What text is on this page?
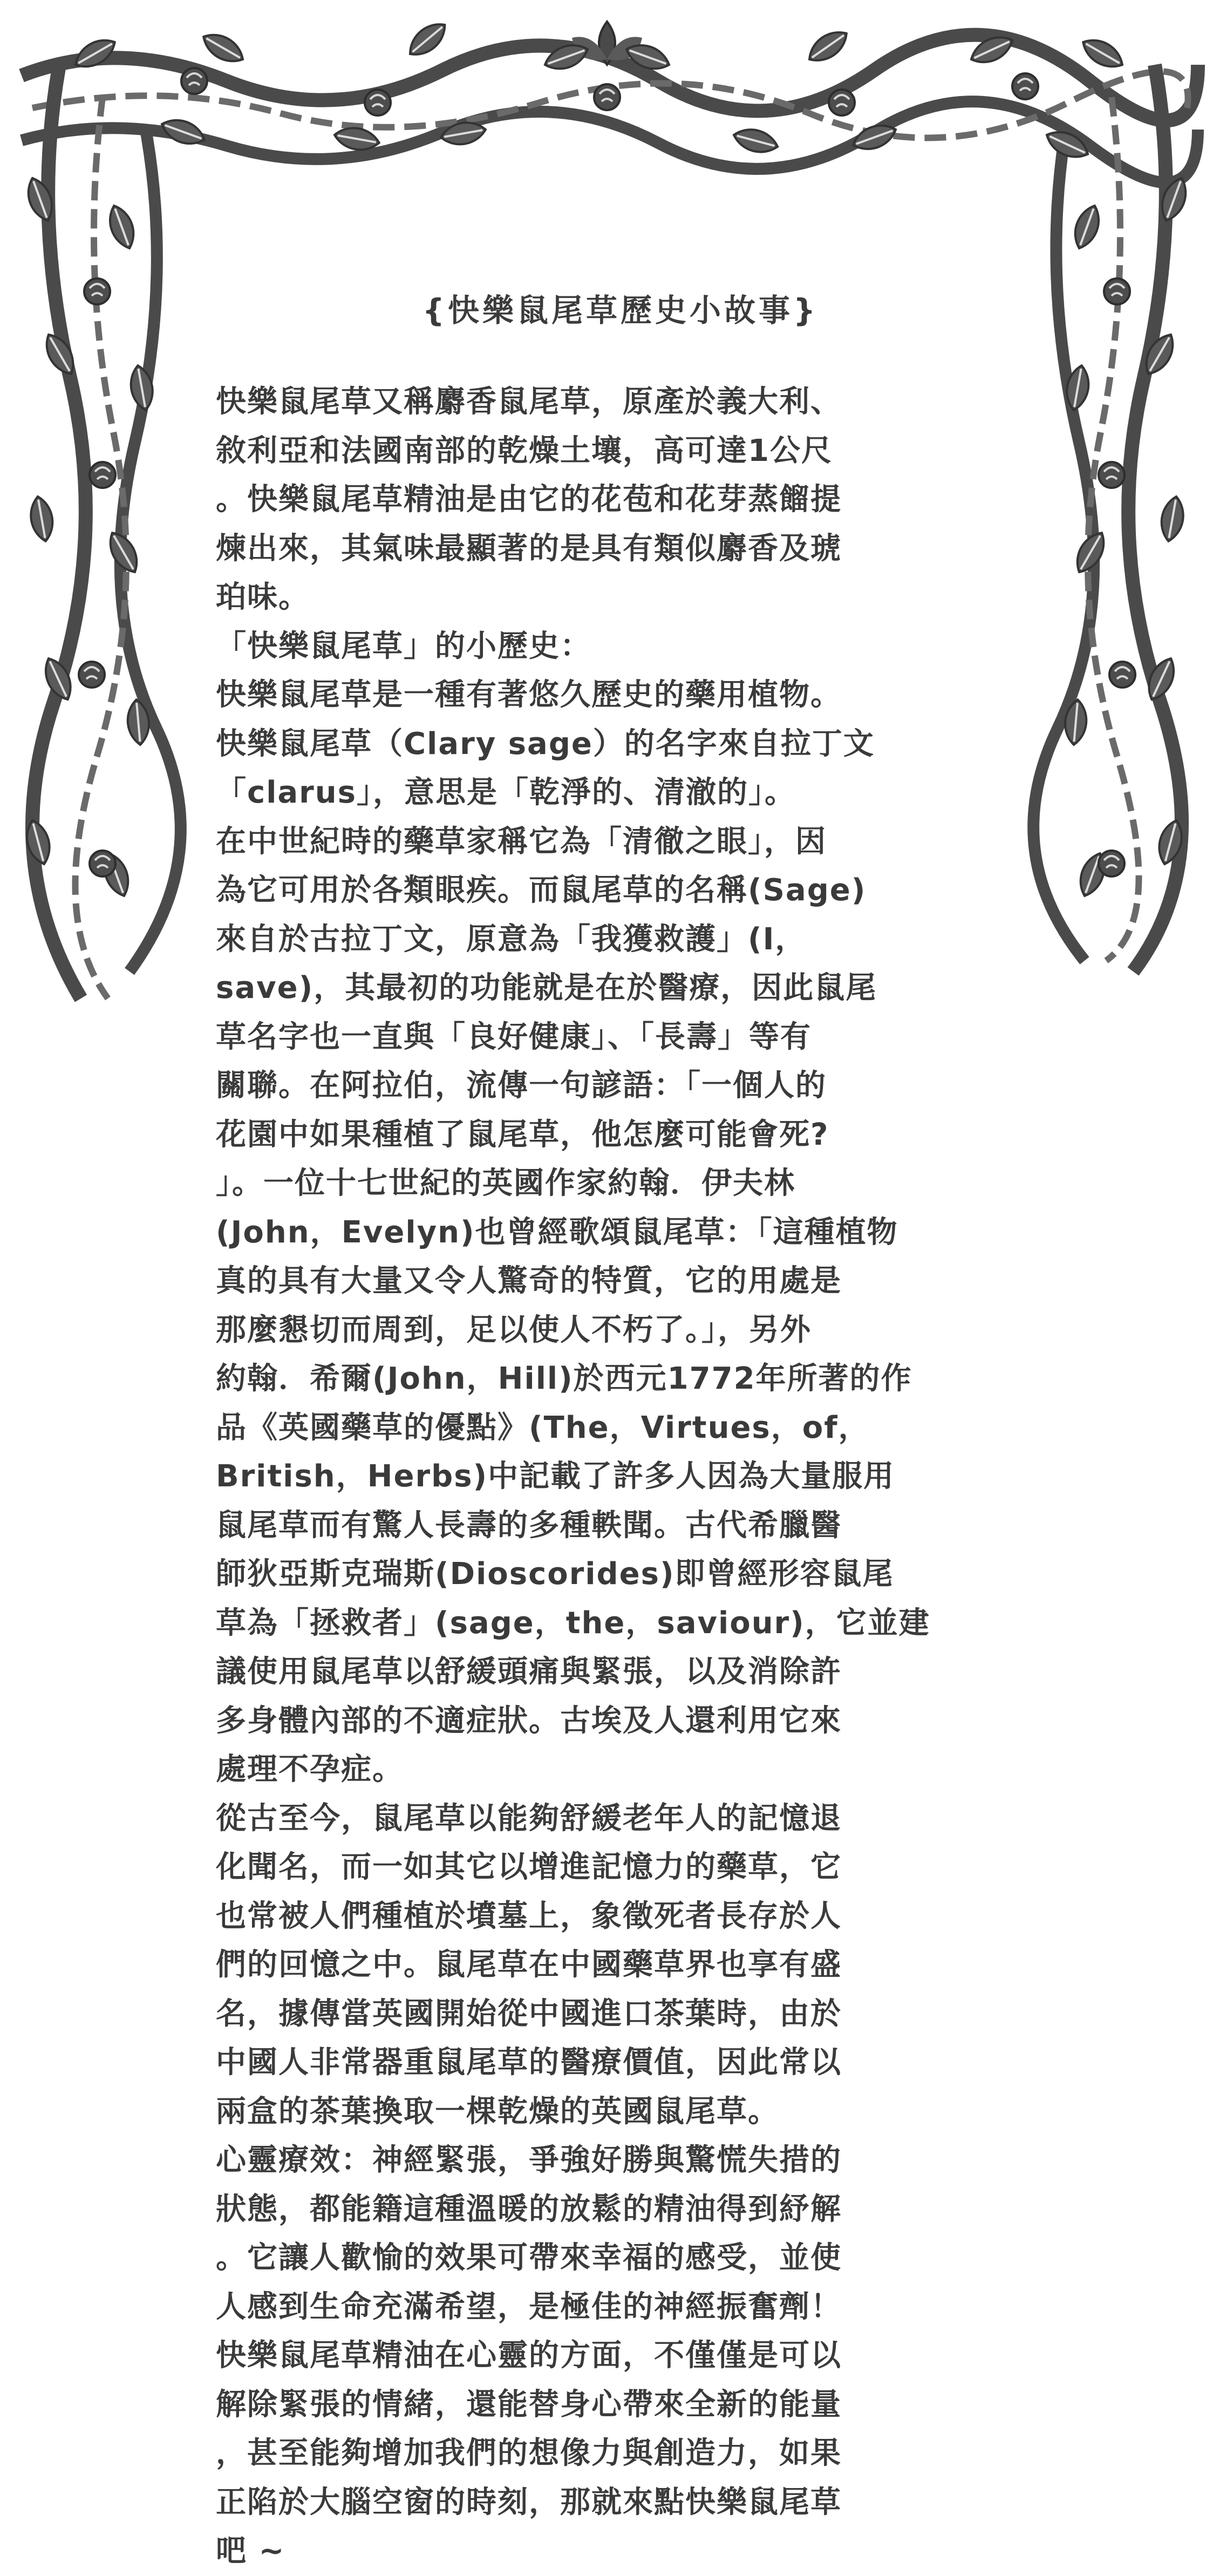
{快樂鼠尾草歷史小故事}
快樂鼠尾草又稱麝香鼠尾草，原產於義大利、
敘利亞和法國南部的乾燥土壤，高可達1公尺
。快樂鼠尾草精油是由它的花苞和花芽蒸餾提
煉出來，其氣味最顯著的是具有類似麝香及琥
珀味。
「快樂鼠尾草」的小歷史：
快樂鼠尾草是一種有著悠久歷史的藥用植物。
快樂鼠尾草（Clary sage）的名字來自拉丁文
「clarus」，意思是「乾淨的、清澈的」。
在中世紀時的藥草家稱它為「清徹之眼」，因
為它可用於各類眼疾。而鼠尾草的名稱(Sage)
來自於古拉丁文，原意為「我獲救護」(I，
save)，其最初的功能就是在於醫療，因此鼠尾
草名字也一直與「良好健康」、「長壽」等有
關聯。在阿拉伯，流傳一句諺語：「一個人的
花園中如果種植了鼠尾草，他怎麼可能會死?
」。一位十七世紀的英國作家約翰．伊夫林
(John，Evelyn)也曾經歌頌鼠尾草：「這種植物
真的具有大量又令人驚奇的特質，它的用處是
那麼懇切而周到，足以使人不朽了。」，另外
約翰．希爾(John，Hill)於西元1772年所著的作
品《英國藥草的優點》(The，Virtues，of，
British，Herbs)中記載了許多人因為大量服用
鼠尾草而有驚人長壽的多種軼聞。古代希臘醫
師狄亞斯克瑞斯(Dioscorides)即曾經形容鼠尾
草為「拯救者」(sage，the，saviour)，它並建
議使用鼠尾草以舒緩頭痛與緊張，以及消除許
多身體內部的不適症狀。古埃及人還利用它來
處理不孕症。
從古至今，鼠尾草以能夠舒緩老年人的記憶退
化聞名，而一如其它以增進記憶力的藥草，它
也常被人們種植於墳墓上，象徵死者長存於人
們的回憶之中。鼠尾草在中國藥草界也享有盛
名，據傳當英國開始從中國進口茶葉時，由於
中國人非常器重鼠尾草的醫療價值，因此常以
兩盒的茶葉換取一棵乾燥的英國鼠尾草。
心靈療效：神經緊張，爭強好勝與驚慌失措的
狀態，都能籍這種溫暖的放鬆的精油得到紓解
。它讓人歡愉的效果可帶來幸福的感受，並使
人感到生命充滿希望，是極佳的神經振奮劑！
快樂鼠尾草精油在心靈的方面，不僅僅是可以
解除緊張的情緒，還能替身心帶來全新的能量
，甚至能夠增加我們的想像力與創造力，如果
正陷於大腦空窗的時刻，那就來點快樂鼠尾草
吧 ~
